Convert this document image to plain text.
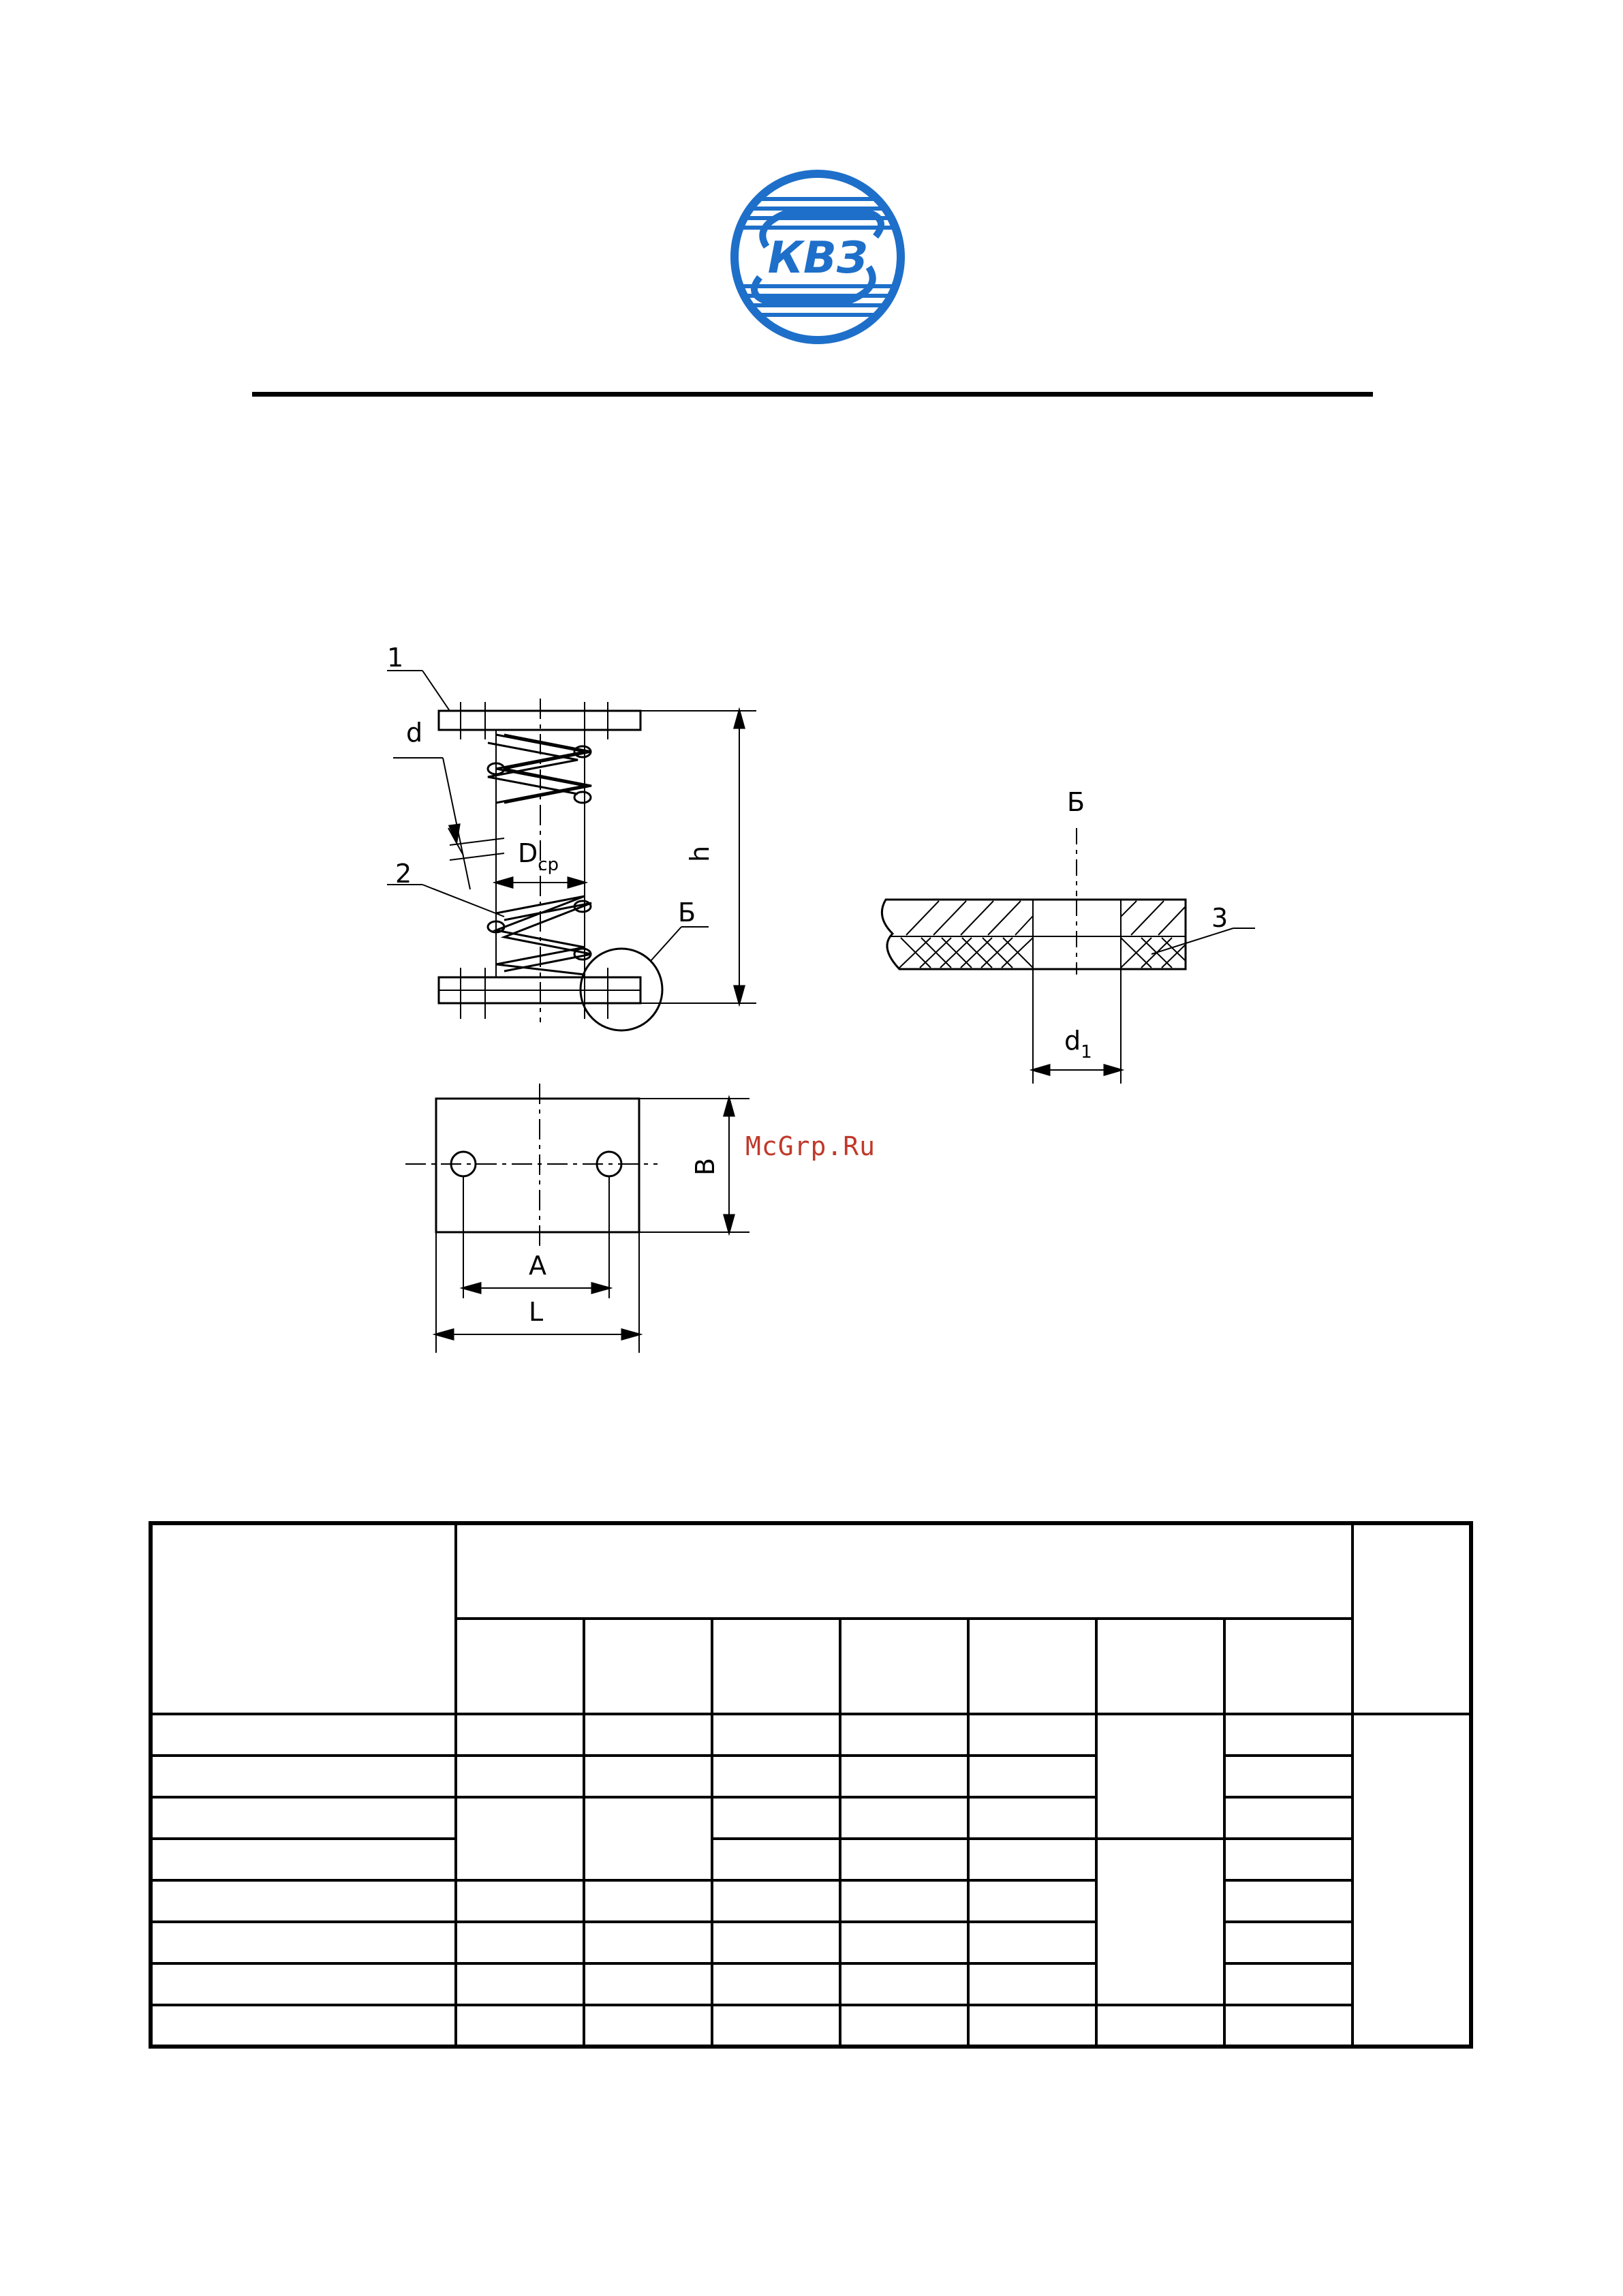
КВЗ
1
d
$D_{ср}$
2
h
Б
Б
3
$d_1$
В
А
L
McGrp.Ru
